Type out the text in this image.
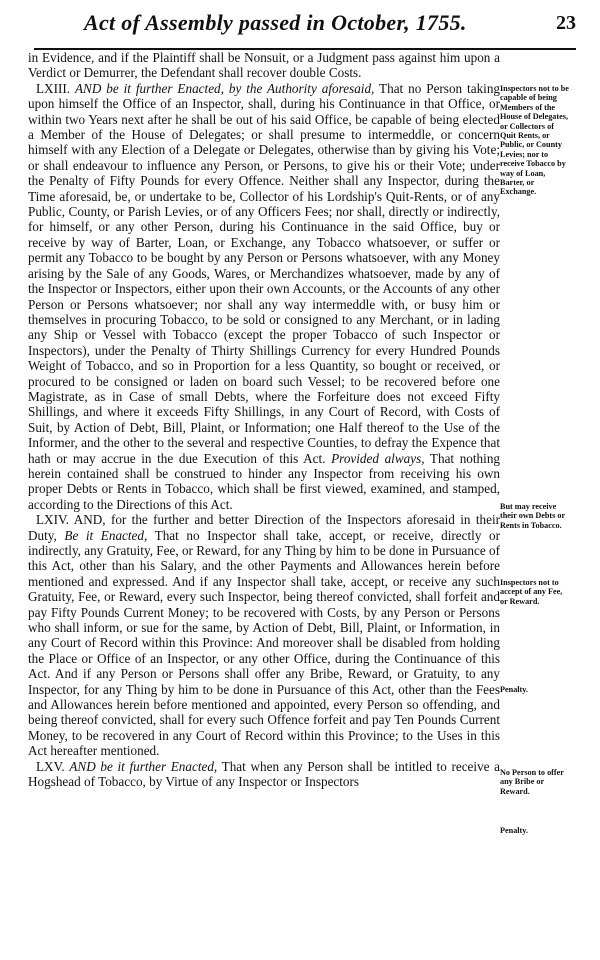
Act of Assembly passed in October, 1755.	23

in Evidence, and if the Plaintiff shall be Nonsuit, or a Judgment pass against him upon a Verdict or Demurrer, the Defendant shall recover double Costs.

LXIII. AND be it further Enacted, by the Authority aforesaid, That no Person taking upon himself the Office of an Inspector, shall, during his Continuance in that Office, or within two Years next after he shall be out of his said Office, be capable of being elected a Member of the House of Delegates; or shall presume to intermeddle, or concern himself with any Election of a Delegate or Delegates, otherwise than by giving his Vote; or shall endeavour to influence any Person, or Persons, to give his or their Vote; under the Penalty of Fifty Pounds for every Offence. Neither shall any Inspector, during the Time aforesaid, be, or undertake to be, Collector of his Lordship's Quit-Rents, or of any Public, County, or Parish Levies, or of any Officers Fees; nor shall, directly or indirectly, for himself, or any other Person, during his Continuance in the said Office, buy or receive by way of Barter, Loan, or Exchange, any Tobacco whatsoever, or suffer or permit any Tobacco to be bought by any Person or Persons whatsoever, with any Money arising by the Sale of any Goods, Wares, or Merchandizes whatsoever, made by any of the Inspector or Inspectors, either upon their own Accounts, or the Accounts of any other Person or Persons whatsoever; nor shall any way intermeddle with, or busy him or themselves in procuring Tobacco, to be sold or consigned to any Merchant, or in lading any Ship or Vessel with Tobacco (except the proper Tobacco of such Inspector or Inspectors), under the Penalty of Thirty Shillings Currency for every Hundred Pounds Weight of Tobacco, and so in Proportion for a less Quantity, so bought or received, or procured to be consigned or laden on board such Vessel; to be recovered before one Magistrate, as in Case of small Debts, where the Forfeiture does not exceed Fifty Shillings, and where it exceeds Fifty Shillings, in any Court of Record, with Costs of Suit, by Action of Debt, Bill, Plaint, or Information; one Half thereof to the Use of the Informer, and the other to the several and respective Counties, to defray the Expence that hath or may accrue in the due Execution of this Act. Provided always, That nothing herein contained shall be construed to hinder any Inspector from receiving his own proper Debts or Rents in Tobacco, which shall be first viewed, examined, and stamped, according to the Directions of this Act.

LXIV. AND, for the further and better Direction of the Inspectors aforesaid in their Duty, Be it Enacted, That no Inspector shall take, accept, or receive, directly or indirectly, any Gratuity, Fee, or Reward, for any Thing by him to be done in Pursuance of this Act, other than his Salary, and the other Payments and Allowances herein before mentioned and expressed. And if any Inspector shall take, accept, or receive any such Gratuity, Fee, or Reward, every such Inspector, being thereof convicted, shall forfeit and pay Fifty Pounds Current Money; to be recovered with Costs, by any Person or Persons who shall inform, or sue for the same, by Action of Debt, Bill, Plaint, or Information, in any Court of Record within this Province: And moreover shall be disabled from holding the Place or Office of an Inspector, or any other Office, during the Continuance of this Act. And if any Person or Persons shall offer any Bribe, Reward, or Gratuity, to any Inspector, for any Thing by him to be done in Pursuance of this Act, other than the Fees and Allowances herein before mentioned and appointed, every Person so offending, and being thereof convicted, shall for every such Offence forfeit and pay Ten Pounds Current Money, to be recovered in any Court of Record within this Province; to the Uses in this Act hereafter mentioned.

LXV. AND be it further Enacted, That when any Person shall be intitled to receive a Hogshead of Tobacco, by Virtue of any Inspector or Inspectors

Inspectors not to be capable of being Members of the House of Delegates, or Collectors of Quit Rents, or Public, or County Levies; nor to receive Tobacco by way of Loan, Barter, or Exchange.
But may receive their own Debts or Rents in Tobacco.
Inspectors not to accept of any Fee, or Reward.
Penalty.
No Person to offer any Bribe or Reward.
Penalty.
